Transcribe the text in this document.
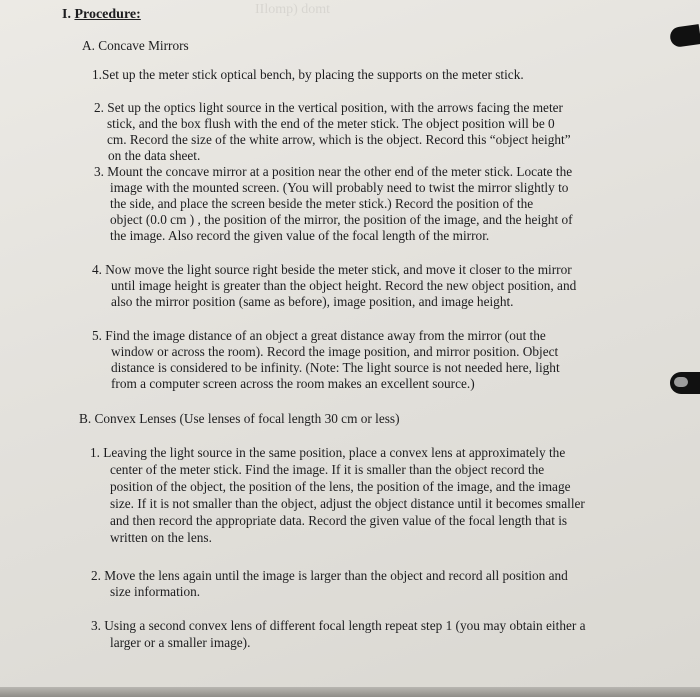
IIlomp) domt
I. Procedure:
A. Concave Mirrors
1.Set up the meter stick optical bench, by placing the supports on the meter stick.
2. Set up the optics light source in the vertical position, with the arrows facing the meter
stick, and the box flush with the end of the meter stick. The object position will be 0
cm. Record the size of the white arrow, which is the object. Record this “object height”
on the data sheet.
3. Mount the concave mirror at a position near the other end of the meter stick. Locate the
image with the mounted screen. (You will probably need to twist the mirror slightly to
the side, and place the screen beside the meter stick.) Record the position of the
object (0.0 cm ) , the position of the mirror, the position of the image, and the height of
the image. Also record the given value of the focal length of the mirror.
4. Now move the light source right beside the meter stick, and move it closer to the mirror
until image height is greater than the object height. Record the new object position, and
also the mirror position (same as before), image position, and image height.
5. Find the image distance of an object a great distance away from the mirror (out the
window or across the room). Record the image position, and mirror position. Object
distance is considered to be infinity. (Note: The light source is not needed here, light
from a computer screen across the room makes an excellent source.)
B. Convex Lenses (Use lenses of focal length 30 cm or less)
1. Leaving the light source in the same position, place a convex lens at approximately the
center of the meter stick. Find the image. If it is smaller than the object record the
position of the object, the position of the lens, the position of the image, and the image
size. If it is not smaller than the object, adjust the object distance until it becomes smaller
and then record the appropriate data. Record the given value of the focal length that is
written on the lens.
2. Move the lens again until the image is larger than the object and record all position and
size information.
3. Using a second convex lens of different focal length repeat step 1 (you may obtain either a
larger or a smaller image).
